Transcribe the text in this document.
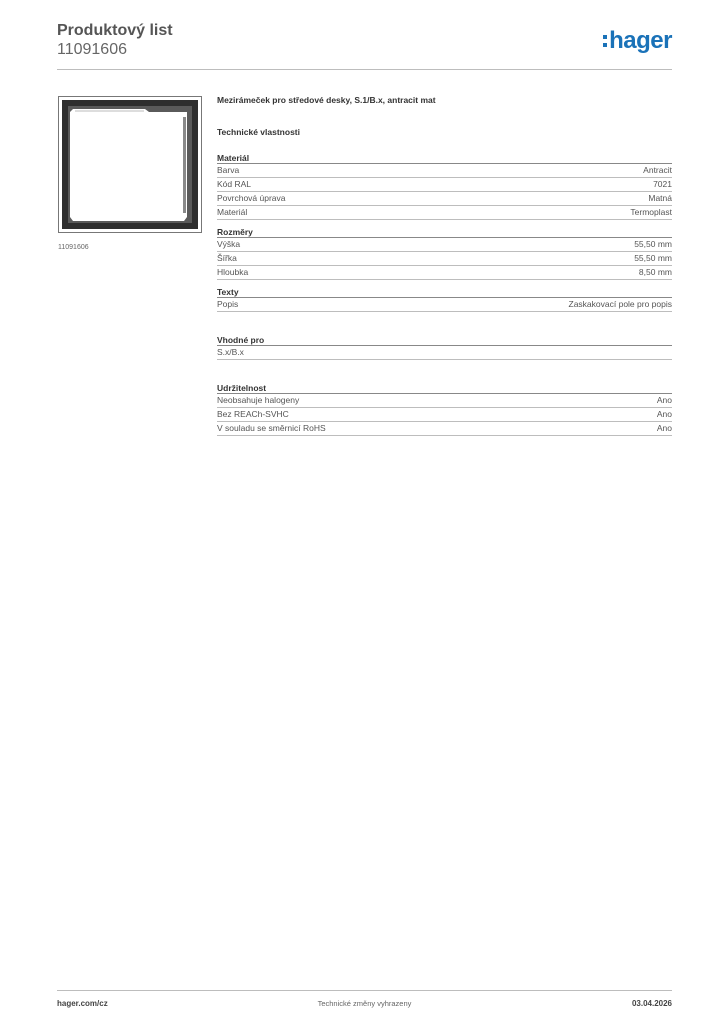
Produktový list
11091606	hager
11091606
Mezirámeček pro středové desky, S.1/B.x, antracit mat
Technické vlastnosti
Materiál
Barva	Antracit
Kód RAL	7021
Povrchová úprava	Matná
Materiál	Termoplast
Rozměry
Výška	55,50 mm
Šířka	55,50 mm
Hloubka	8,50 mm
Texty
Popis	Zaskakovací pole pro popis
Vhodné pro
S.x/B.x
Udržitelnost
Neobsahuje halogeny	Ano
Bez REACh-SVHC	Ano
V souladu se směrnicí RoHS	Ano
hager.com/cz	Technické změny vyhrazeny	03.04.2026
